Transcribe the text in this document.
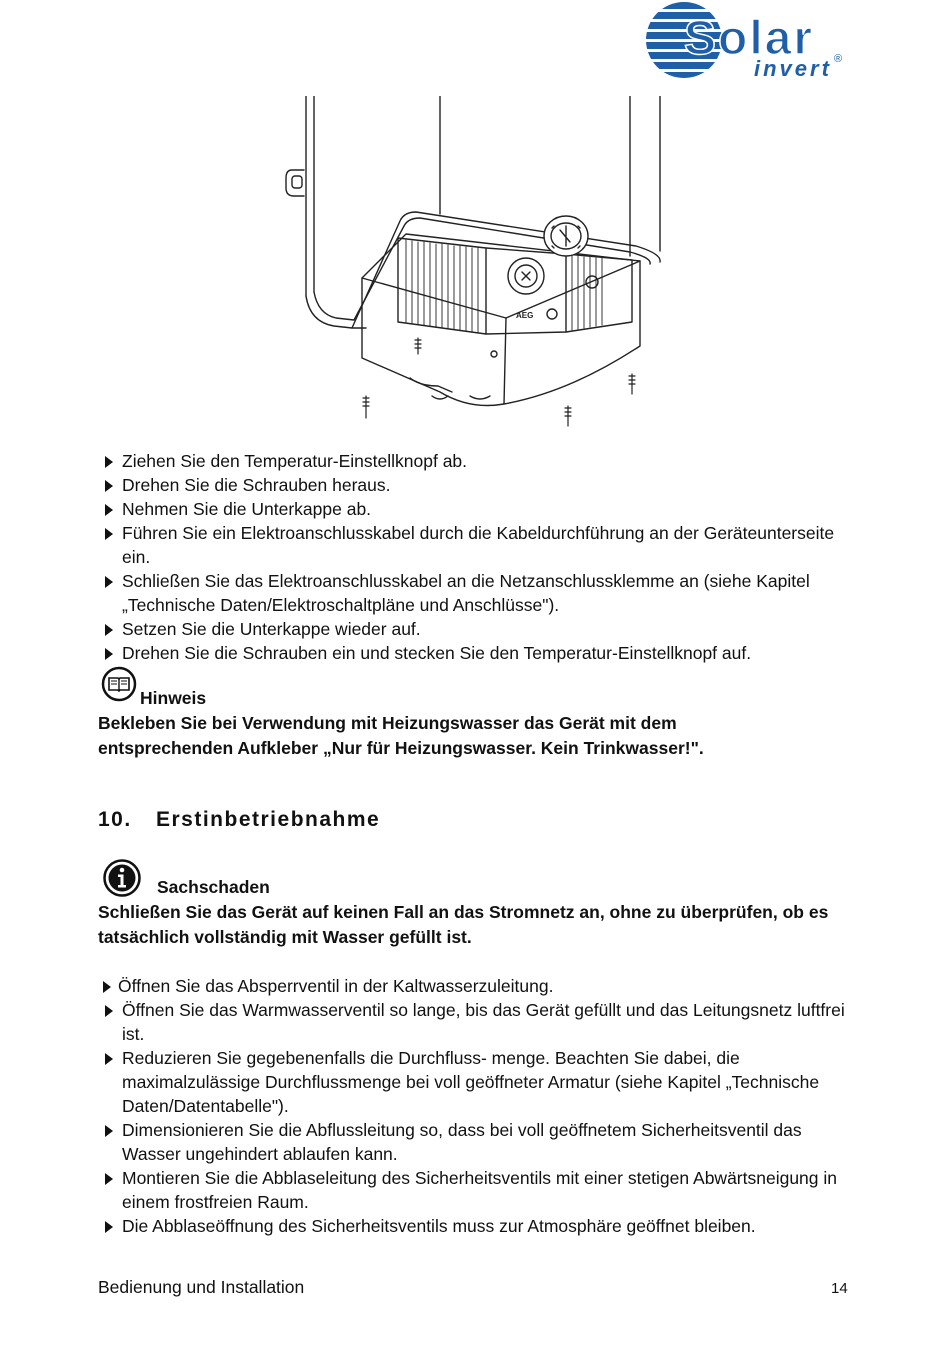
Solar
invert ®
AEG
Ziehen Sie den Temperatur-Einstellknopf ab.
Drehen Sie die Schrauben heraus.
Nehmen Sie die Unterkappe ab.
Führen Sie ein Elektroanschlusskabel durch die Kabeldurchführung an der Geräteunterseite ein.
Schließen Sie das Elektroanschlusskabel an die Netzanschlussklemme an (siehe Kapitel „Technische Daten/Elektroschaltpläne und Anschlüsse").
Setzen Sie die Unterkappe wieder auf.
Drehen Sie die Schrauben ein und stecken Sie den Temperatur-Einstellknopf auf.
Hinweis

Bekleben Sie bei Verwendung mit Heizungswasser das Gerät mit dem entsprechenden Aufkleber „Nur für Heizungswasser. Kein Trinkwasser!".

10. Erstinbetriebnahme
Sachschaden

Schließen Sie das Gerät auf keinen Fall an das Stromnetz an, ohne zu überprüfen, ob es tatsächlich vollständig mit Wasser gefüllt ist.

Öffnen Sie das Absperrventil in der Kaltwasserzuleitung.
Öffnen Sie das Warmwasserventil so lange, bis das Gerät gefüllt und das Leitungsnetz luftfrei ist.
Reduzieren Sie gegebenenfalls die Durchfluss- menge. Beachten Sie dabei, die maximalzulässige Durchflussmenge bei voll geöffneter Armatur (siehe Kapitel „Technische Daten/Datentabelle").
Dimensionieren Sie die Abflussleitung so, dass bei voll geöffnetem Sicherheitsventil das Wasser ungehindert ablaufen kann.
Montieren Sie die Abblaseleitung des Sicherheitsventils mit einer stetigen Abwärtsneigung in einem frostfreien Raum.
Die Abblaseöffnung des Sicherheitsventils muss zur Atmosphäre geöffnet bleiben.
Bedienung und Installation	14
